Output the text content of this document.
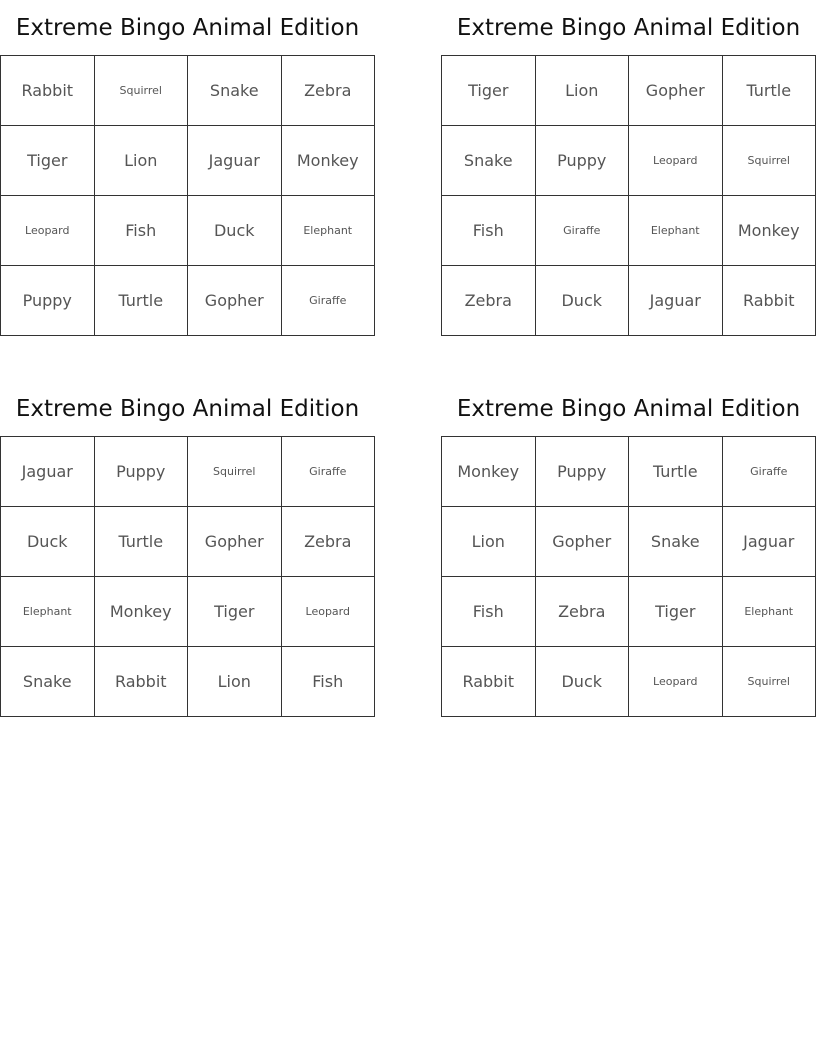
Extreme Bingo Animal Edition
Rabbit	Squirrel	Snake	Zebra
Tiger	Lion	Jaguar	Monkey
Leopard	Fish	Duck	Elephant
Puppy	Turtle	Gopher	Giraffe
Extreme Bingo Animal Edition
Tiger	Lion	Gopher	Turtle
Snake	Puppy	Leopard	Squirrel
Fish	Giraffe	Elephant	Monkey
Zebra	Duck	Jaguar	Rabbit
Extreme Bingo Animal Edition
Jaguar	Puppy	Squirrel	Giraffe
Duck	Turtle	Gopher	Zebra
Elephant	Monkey	Tiger	Leopard
Snake	Rabbit	Lion	Fish
Extreme Bingo Animal Edition
Monkey	Puppy	Turtle	Giraffe
Lion	Gopher	Snake	Jaguar
Fish	Zebra	Tiger	Elephant
Rabbit	Duck	Leopard	Squirrel
